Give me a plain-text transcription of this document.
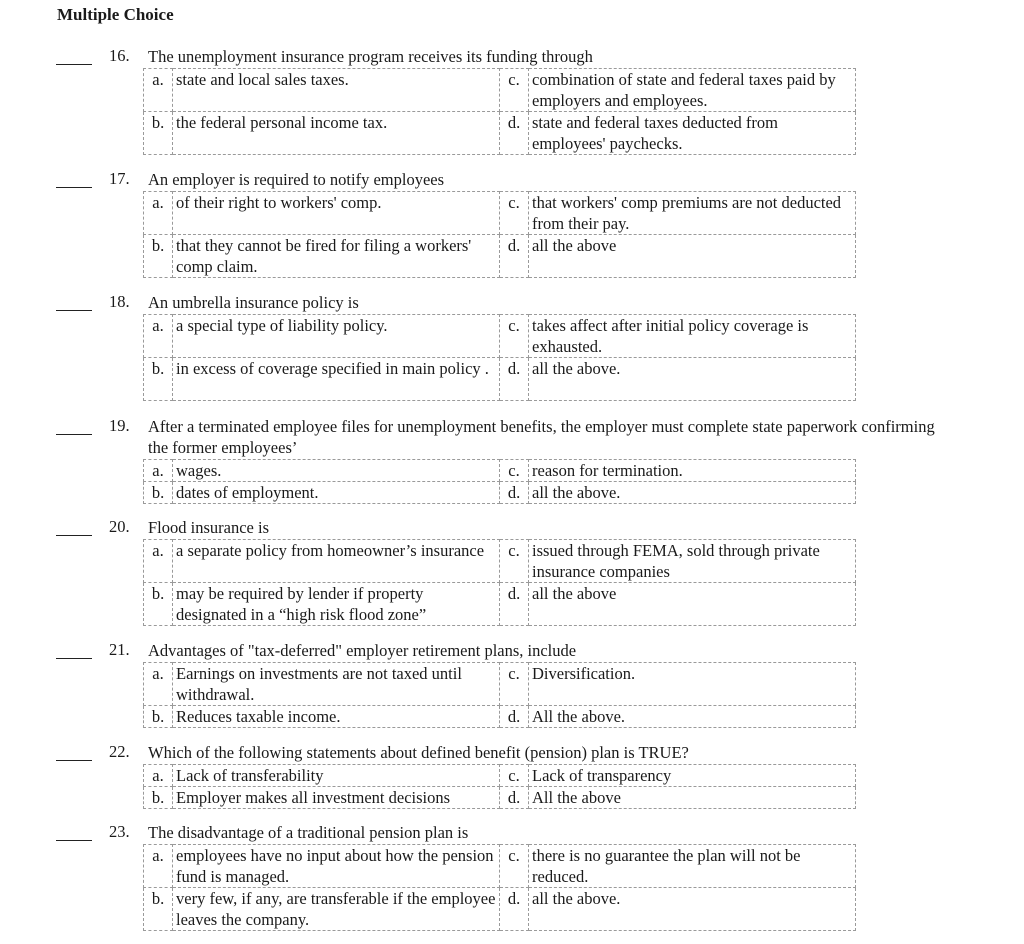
Multiple Choice
16. The unemployment insurance program receives its funding through
a.	state and local sales taxes.	c.	combination of state and federal taxes paid by employers and employees.
b.	the federal personal income tax.	d.	state and federal taxes deducted from employees' paychecks.
17. An employer is required to notify employees
a.	of their right to workers' comp.	c.	that workers' comp premiums are not deducted from their pay.
b.	that they cannot be fired for filing a workers' comp claim.	d.	all the above
18. An umbrella insurance policy is
a.	a special type of liability policy.	c.	takes affect after initial policy coverage is exhausted.
b.	in excess of coverage specified in main policy .	d.	all the above.
19. After a terminated employee files for unemployment benefits, the employer must complete state paperwork confirming the former employees’
a.	wages.	c.	reason for termination.
b.	dates of employment.	d.	all the above.
20. Flood insurance is
a.	a separate policy from homeowner’s insurance	c.	issued through FEMA, sold through private insurance companies
b.	may be required by lender if property designated in a “high risk flood zone”	d.	all the above
21. Advantages of "tax-deferred" employer retirement plans, include
a.	Earnings on investments are not taxed until withdrawal.	c.	Diversification.
b.	Reduces taxable income.	d.	All the above.
22. Which of the following statements about defined benefit (pension) plan is TRUE?
a.	Lack of transferability	c.	Lack of transparency
b.	Employer makes all investment decisions	d.	All the above
23. The disadvantage of a traditional pension plan is
a.	employees have no input about how the pension fund is managed.	c.	there is no guarantee the plan will not be reduced.
b.	very few, if any, are transferable if the employee leaves the company.	d.	all the above.
